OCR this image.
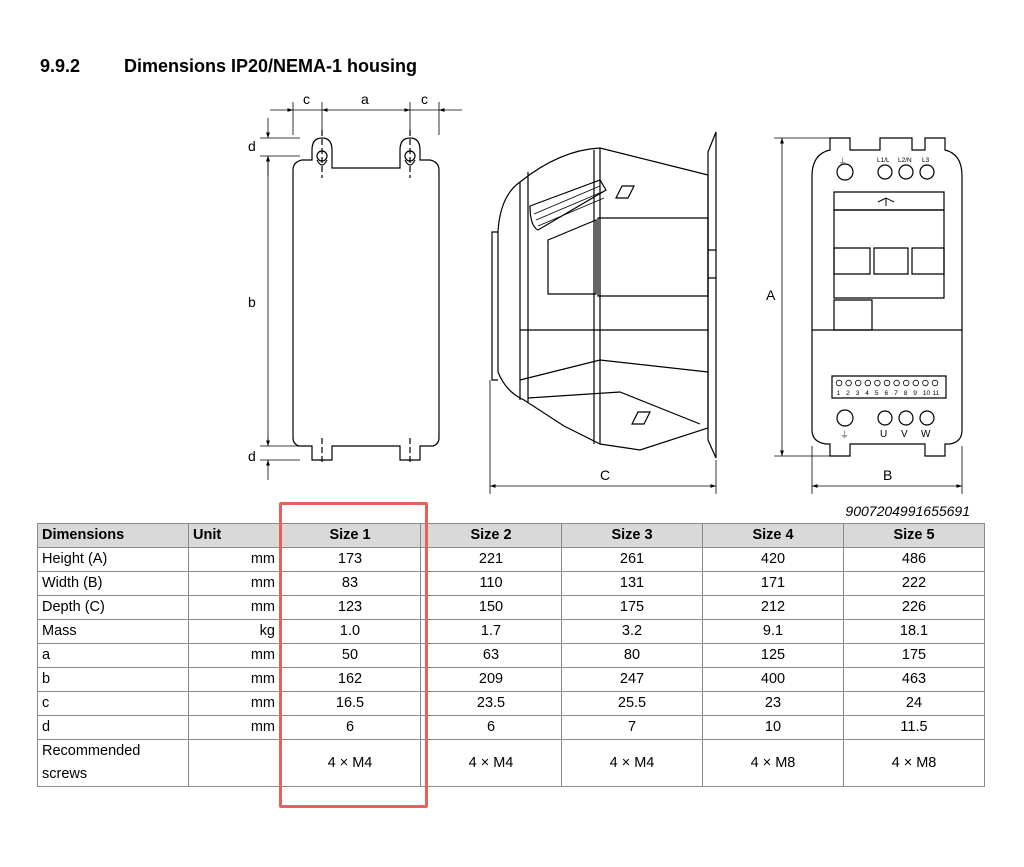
9.9.2 Dimensions IP20/NEMA-1 housing
c	a	c
d
b
d
C
1 2 3 4 5 6 7 8 9 10 11
⏚	L1/L L2/N L3
⏚	U V W
A
B
9007204991655691
Dimensions	Unit	Size 1	Size 2	Size 3	Size 4	Size 5
Height (A)	mm	173	221	261	420	486
Width (B)	mm	83	110	131	171	222
Depth (C)	mm	123	150	175	212	226
Mass	kg	1.0	1.7	3.2	9.1	18.1
a	mm	50	63	80	125	175
b	mm	162	209	247	400	463
c	mm	16.5	23.5	25.5	23	24
d	mm	6	6	7	10	11.5
Recommended screws		4 × M4	4 × M4	4 × M4	4 × M8	4 × M8
